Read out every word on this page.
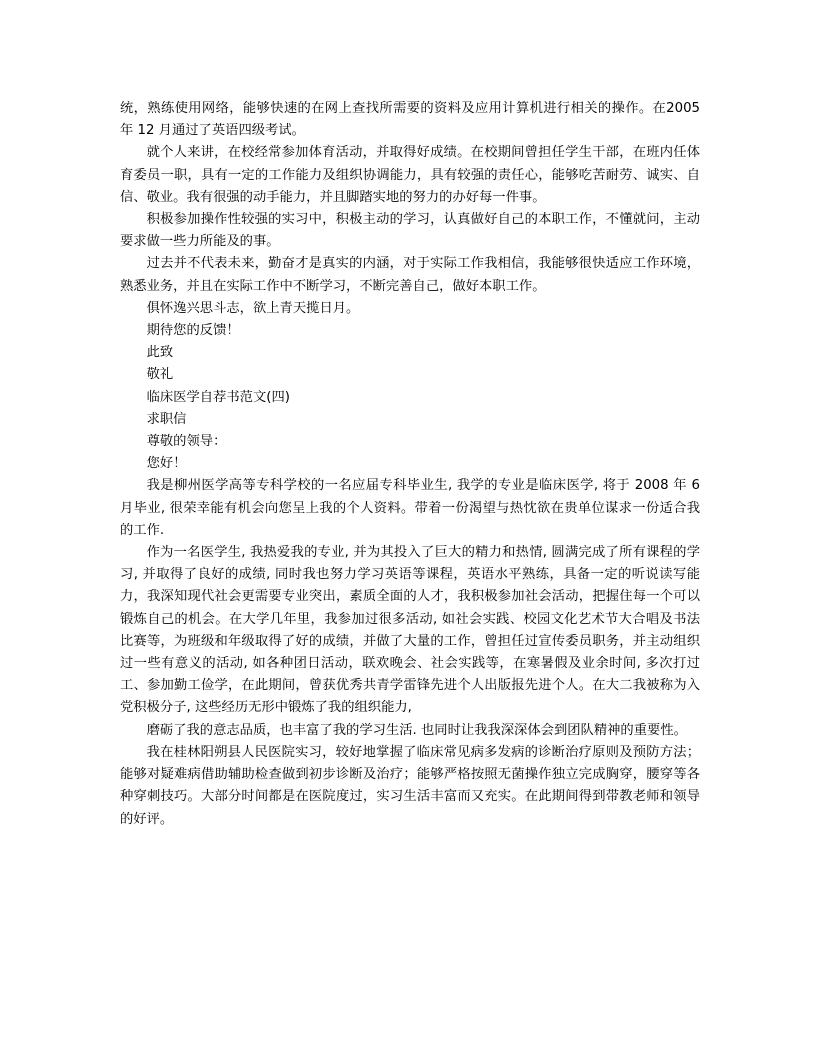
统，熟练使用网络，能够快速的在网上查找所需要的资料及应用计算机进行相关的操作。在2005 年 12 月通过了英语四级考试。

就个人来讲，在校经常参加体育活动，并取得好成绩。在校期间曾担任学生干部，在班内任体育委员一职，具有一定的工作能力及组织协调能力，具有较强的责任心，能够吃苦耐劳、诚实、自信、敬业。我有很强的动手能力，并且脚踏实地的努力的办好每一件事。

积极参加操作性较强的实习中，积极主动的学习，认真做好自己的本职工作，不懂就问，主动要求做一些力所能及的事。

过去并不代表未来，勤奋才是真实的内涵，对于实际工作我相信，我能够很快适应工作环境，熟悉业务，并且在实际工作中不断学习，不断完善自己，做好本职工作。

俱怀逸兴思斗志，欲上青天揽日月。

期待您的反馈！

此致

敬礼

临床医学自荐书范文(四)

求职信

尊敬的领导：

您好！

我是柳州医学高等专科学校的一名应届专科毕业生, 我学的专业是临床医学, 将于 2008 年 6 月毕业, 很荣幸能有机会向您呈上我的个人资料。带着一份渴望与热忱欲在贵单位谋求一份适合我的工作.

作为一名医学生, 我热爱我的专业, 并为其投入了巨大的精力和热情, 圆满完成了所有课程的学习, 并取得了良好的成绩, 同时我也努力学习英语等课程，英语水平熟练，具备一定的听说读写能力，我深知现代社会更需要专业突出，素质全面的人才，我积极参加社会活动，把握住每一个可以锻炼自己的机会。在大学几年里，我参加过很多活动, 如社会实践、校园文化艺术节大合唱及书法比赛等，为班级和年级取得了好的成绩，并做了大量的工作，曾担任过宣传委员职务，并主动组织过一些有意义的活动, 如各种团日活动，联欢晚会、社会实践等，在寒暑假及业余时间, 多次打过工、参加勤工俭学，在此期间，曾获优秀共青学雷锋先进个人出版报先进个人。在大二我被称为入党积极分子, 这些经历无形中锻炼了我的组织能力,

磨砺了我的意志品质，也丰富了我的学习生活. 也同时让我我深深体会到团队精神的重要性。

我在桂林阳朔县人民医院实习，较好地掌握了临床常见病多发病的诊断治疗原则及预防方法；能够对疑难病借助辅助检查做到初步诊断及治疗；能够严格按照无菌操作独立完成胸穿，腰穿等各种穿刺技巧。大部分时间都是在医院度过，实习生活丰富而又充实。在此期间得到带教老师和领导的好评。
